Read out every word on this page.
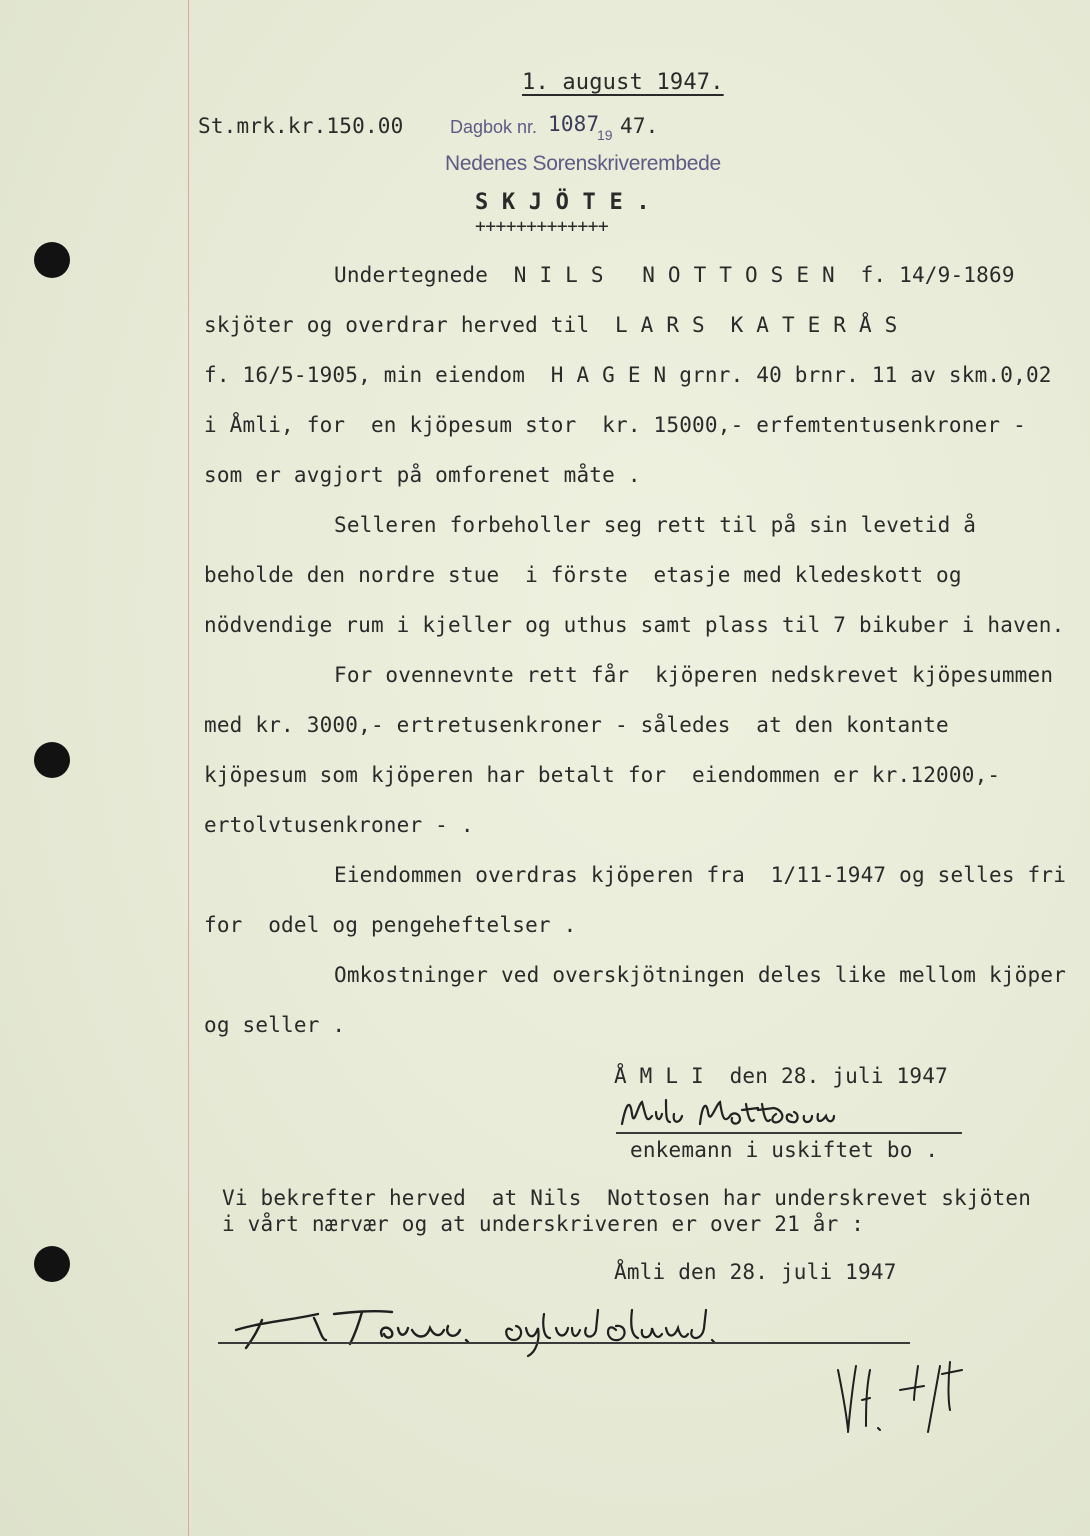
1. august 1947.
St.mrk.kr.150.00	Dagbok nr. 1087
19 47.
Nedenes Sorenskriverembede
S K J Ö T E .
+++++++++++++
Undertegnede  N I L S   N O T T O S E N  f. 14/9-1869
skjöter og overdrar herved til  L A R S  K A T E R Å S
f. 16/5-1905, min eiendom  H A G E N grnr. 40 brnr. 11 av skm.0,02
i Åmli, for  en kjöpesum stor  kr. 15000,- erfemtentusenkroner -
som er avgjort på omforenet måte .
Selleren forbeholler seg rett til på sin levetid å
beholde den nordre stue  i förste  etasje med kledeskott og
nödvendige rum i kjeller og uthus samt plass til 7 bikuber i haven.
For ovennevnte rett får  kjöperen nedskrevet kjöpesummen
med kr. 3000,- ertretusenkroner - således  at den kontante
kjöpesum som kjöperen har betalt for  eiendommen er kr.12000,-
ertolvtusenkroner - .
Eiendommen overdras kjöperen fra  1/11-1947 og selles fri
for  odel og pengeheftelser .
Omkostninger ved overskjötningen deles like mellom kjöper
og seller .
Å M L I  den 28. juli 1947
enkemann i uskiftet bo .
Vi bekrefter herved  at Nils  Nottosen har underskrevet skjöten
i vårt nærvær og at underskriveren er over 21 år :
Åmli den 28. juli 1947
